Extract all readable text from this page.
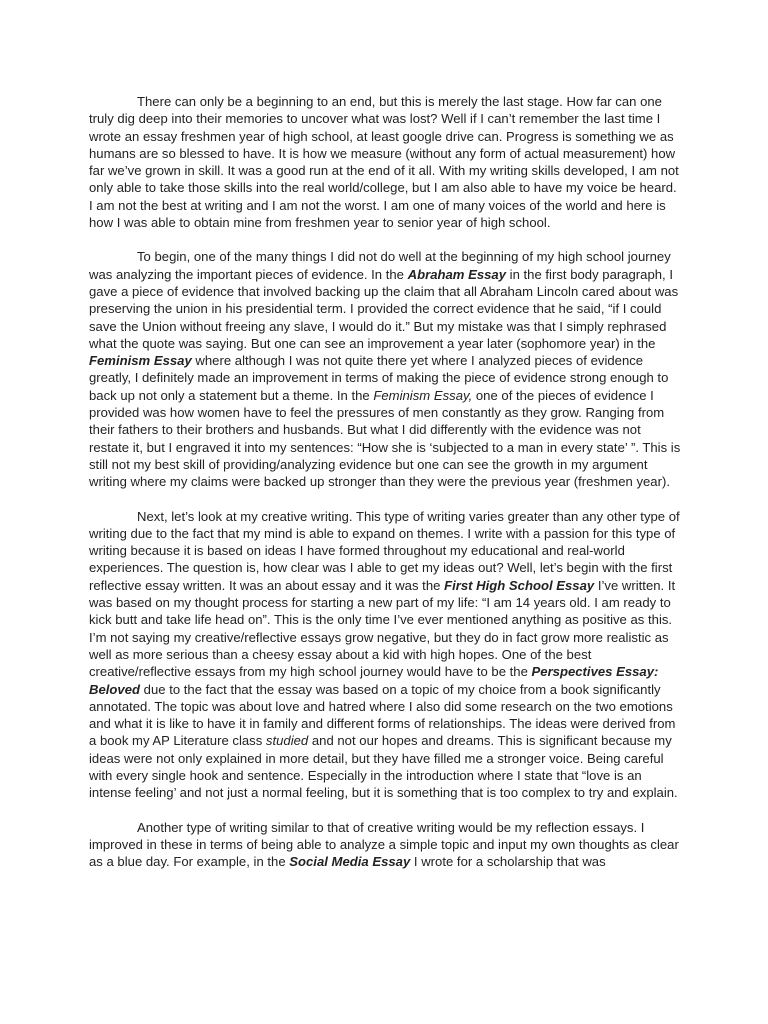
There can only be a beginning to an end, but this is merely the last stage. How far can one truly dig deep into their memories to uncover what was lost? Well if I can’t remember the last time I wrote an essay freshmen year of high school, at least google drive can. Progress is something we as humans are so blessed to have. It is how we measure (without any form of actual measurement) how far we’ve grown in skill. It was a good run at the end of it all. With my writing skills developed, I am not only able to take those skills into the real world/college, but I am also able to have my voice be heard. I am not the best at writing and I am not the worst. I am one of many voices of the world and here is how I was able to obtain mine from freshmen year to senior year of high school.

To begin, one of the many things I did not do well at the beginning of my high school journey was analyzing the important pieces of evidence. In the Abraham Essay in the first body paragraph, I gave a piece of evidence that involved backing up the claim that all Abraham Lincoln cared about was preserving the union in his presidential term. I provided the correct evidence that he said, “if I could save the Union without freeing any slave, I would do it.” But my mistake was that I simply rephrased what the quote was saying. But one can see an improvement a year later (sophomore year) in the Feminism Essay where although I was not quite there yet where I analyzed pieces of evidence greatly, I definitely made an improvement in terms of making the piece of evidence strong enough to back up not only a statement but a theme. In the Feminism Essay, one of the pieces of evidence I provided was how women have to feel the pressures of men constantly as they grow. Ranging from their fathers to their brothers and husbands. But what I did differently with the evidence was not restate it, but I engraved it into my sentences: “How she is ‘subjected to a man in every state’ ”. This is still not my best skill of providing/analyzing evidence but one can see the growth in my argument writing where my claims were backed up stronger than they were the previous year (freshmen year).

Next, let’s look at my creative writing. This type of writing varies greater than any other type of writing due to the fact that my mind is able to expand on themes. I write with a passion for this type of writing because it is based on ideas I have formed throughout my educational and real-world experiences. The question is, how clear was I able to get my ideas out? Well, let’s begin with the first reflective essay written. It was an about essay and it was the First High School Essay I’ve written. It was based on my thought process for starting a new part of my life: “I am 14 years old. I am ready to kick butt and take life head on”. This is the only time I’ve ever mentioned anything as positive as this. I’m not saying my creative/reflective essays grow negative, but they do in fact grow more realistic as well as more serious than a cheesy essay about a kid with high hopes. One of the best creative/reflective essays from my high school journey would have to be the Perspectives Essay: Beloved due to the fact that the essay was based on a topic of my choice from a book significantly annotated. The topic was about love and hatred where I also did some research on the two emotions and what it is like to have it in family and different forms of relationships. The ideas were derived from a book my AP Literature class studied and not our hopes and dreams. This is significant because my ideas were not only explained in more detail, but they have filled me a stronger voice. Being careful with every single hook and sentence. Especially in the introduction where I state that “love is an intense feeling’ and not just a normal feeling, but it is something that is too complex to try and explain.

Another type of writing similar to that of creative writing would be my reflection essays. I improved in these in terms of being able to analyze a simple topic and input my own thoughts as clear as a blue day. For example, in the Social Media Essay I wrote for a scholarship that was
